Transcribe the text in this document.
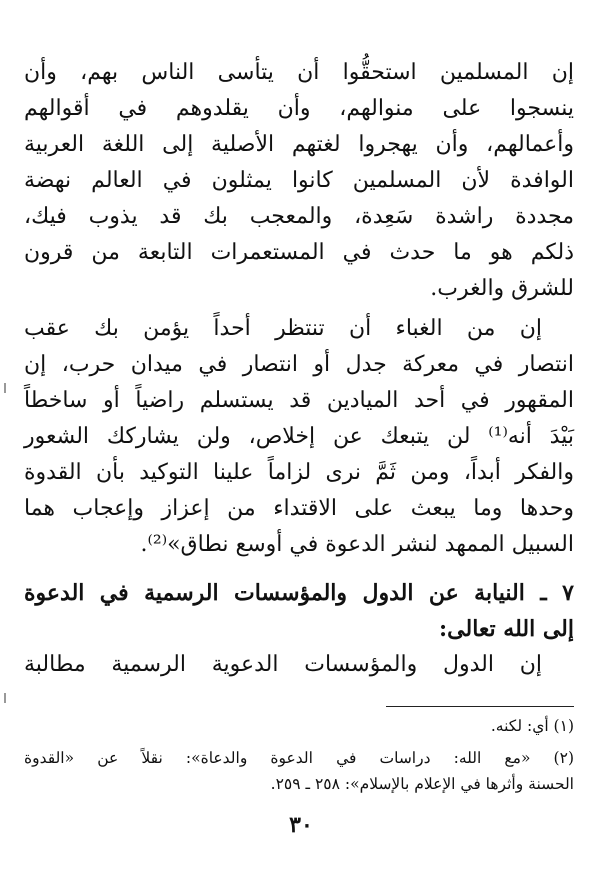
إن المسلمين استحقُّوا أن يتأسى الناس بهم، وأن
ينسجوا على منوالهم، وأن يقلدوهم في أقوالهم
وأعمالهم، وأن يهجروا لغتهم الأصلية إلى اللغة العربية
الوافدة لأن المسلمين كانوا يمثلون في العالم نهضة
مجددة راشدة سَعِدة، والمعجب بك قد يذوب فيك،
ذلكم هو ما حدث في المستعمرات التابعة من قرون
للشرق والغرب.
إن من الغباء أن تنتظر أحداً يؤمن بك عقب
انتصار في معركة جدل أو انتصار في ميدان حرب، إن
المقهور في أحد الميادين قد يستسلم راضياً أو ساخطاً
بَيْدَ أنه⁽¹⁾ لن يتبعك عن إخلاص، ولن يشاركك الشعور
والفكر أبداً، ومن ثَمَّ نرى لزاماً علينا التوكيد بأن القدوة
وحدها وما يبعث على الاقتداء من إعزاز وإعجاب هما
السبيل الممهد لنشر الدعوة في أوسع نطاق»⁽²⁾.
٧ ـ النيابة عن الدول والمؤسسات الرسمية في الدعوة
إلى الله تعالى:
إن الدول والمؤسسات الدعوية الرسمية مطالبة
(١) أي: لكنه.
(٢) «مع الله: دراسات في الدعوة والدعاة»: نقلاً عن «القدوة
الحسنة وأثرها في الإعلام بالإسلام»: ٢٥٨ ـ ٢٥٩.
٣٠
